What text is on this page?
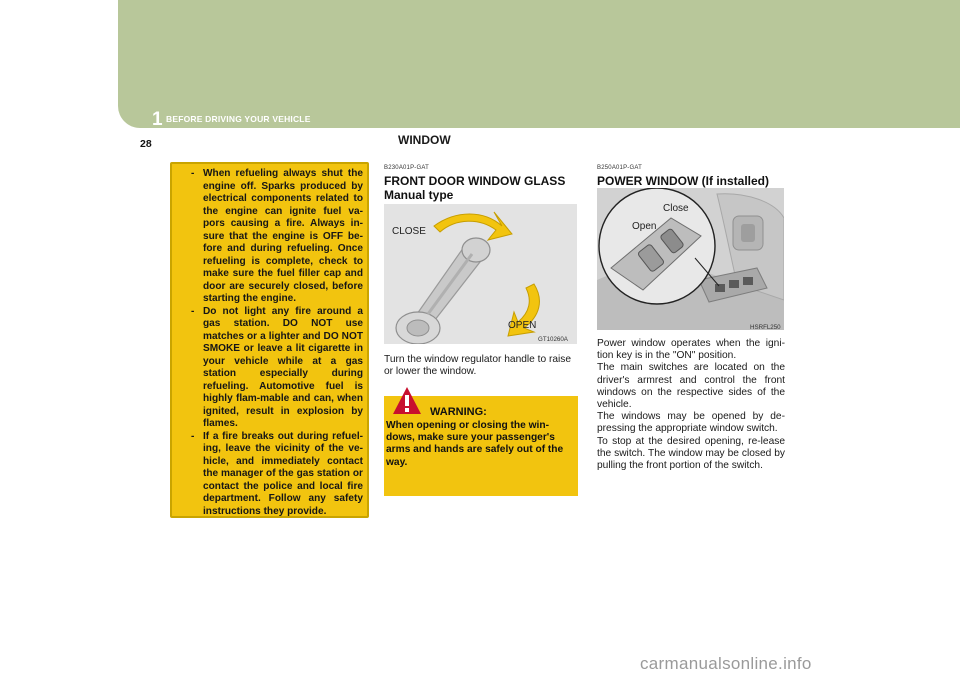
1 BEFORE DRIVING YOUR VEHICLE
28	WINDOW
- When refueling always shut the engine off. Sparks produced by electrical components related to the engine can ignite fuel va-pors causing a fire. Always in-sure that the engine is OFF be-fore and during refueling. Once refueling is complete, check to make sure the fuel filler cap and door are securely closed, before starting the engine.
- Do not light any fire around a gas station. DO NOT use matches or a lighter and DO NOT SMOKE or leave a lit cigarette in your vehicle while at a gas station especially during refueling. Automotive fuel is highly flam-mable and can, when ignited, result in explosion by flames.
- If a fire breaks out during refuel-ing, leave the vicinity of the ve-hicle, and immediately contact the manager of the gas station or contact the police and local fire department. Follow any safety instructions they provide.
B230A01P-GAT
FRONT DOOR WINDOW GLASS
Manual type
CLOSE
OPEN
GT10260A
Turn the window regulator handle to raise or lower the window.
WARNING:
When opening or closing the win-dows, make sure your passenger's arms and hands are safely out of the way.
B250A01P-GAT
POWER WINDOW (If installed)
Close
Open
HSRFL250
Power window operates when the igni-tion key is in the "ON" position.
The main switches are located on the driver's armrest and control the front windows on the respective sides of the vehicle.
The windows may be opened by de-pressing the appropriate window switch.
To stop at the desired opening, re-lease the switch. The window may be closed by pulling the front portion of the switch.
carmanualsonline.info
